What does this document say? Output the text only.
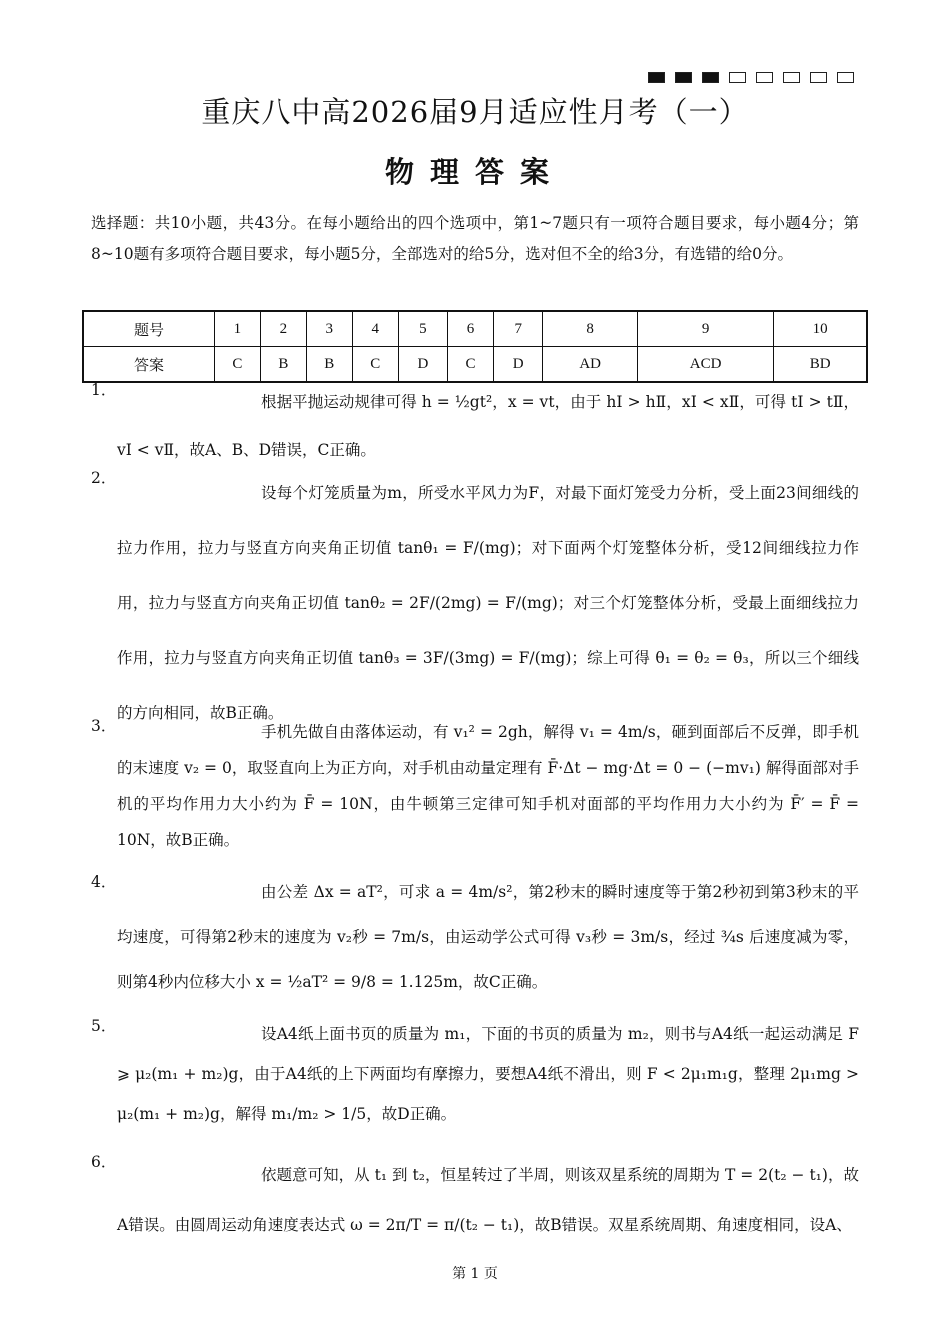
重庆八中高2026届9月适应性月考（一）
物理答案
选择题：共10小题，共43分。在每小题给出的四个选项中，第1~7题只有一项符合题目要求，每小题4分；第8~10题有多项符合题目要求，每小题5分，全部选对的给5分，选对但不全的给3分，有选错的给0分。
题号	1	2	3	4	5	6	7	8	9	10
答案	C	B	B	C	D	C	D	AD	ACD	BD
1．
根据平抛运动规律可得 h = ½gt²，x = vt，由于 hⅠ > hⅡ，xⅠ < xⅡ，可得 tⅠ > tⅡ，vⅠ < vⅡ，故A、B、D错误，C正确。
2．
设每个灯笼质量为m，所受水平风力为F，对最下面灯笼受力分析，受上面23间细线的拉力作用，拉力与竖直方向夹角正切值 tanθ₁ = F/(mg)；对下面两个灯笼整体分析，受12间细线拉力作用，拉力与竖直方向夹角正切值 tanθ₂ = 2F/(2mg) = F/(mg)；对三个灯笼整体分析，受最上面细线拉力作用，拉力与竖直方向夹角正切值 tanθ₃ = 3F/(3mg) = F/(mg)；综上可得 θ₁ = θ₂ = θ₃，所以三个细线的方向相同，故B正确。
3．	手机先做自由落体运动，有 v₁² = 2gh，解得 v₁ = 4m/s，砸到面部后不反弹，即手机的末速度 v₂ = 0，取竖直向上为正方向，对手机由动量定理有 F̄·Δt − mg·Δt = 0 − (−mv₁) 解得面部对手机的平均作用力大小约为 F̄ = 10N，由牛顿第三定律可知手机对面部的平均作用力大小约为 F̄′ = F̄ = 10N，故B正确。
4．
由公差 Δx = aT²，可求 a = 4m/s²，第2秒末的瞬时速度等于第2秒初到第3秒末的平均速度，可得第2秒末的速度为 v₂秒 = 7m/s，由运动学公式可得 v₃秒 = 3m/s，经过 ¾s 后速度减为零，则第4秒内位移大小 x = ½aT² = 9/8 = 1.125m，故C正确。
5．	设A4纸上面书页的质量为 m₁，下面的书页的质量为 m₂，则书与A4纸一起运动满足 F ⩾ μ₂(m₁ + m₂)g，由于A4纸的上下两面均有摩擦力，要想A4纸不滑出，则 F < 2μ₁m₁g，整理 2μ₁mg > μ₂(m₁ + m₂)g，解得 m₁/m₂ > 1/5，故D正确。
6．
依题意可知，从 t₁ 到 t₂，恒星转过了半周，则该双星系统的周期为 T = 2(t₂ − t₁)，故A错误。由圆周运动角速度表达式 ω = 2π/T = π/(t₂ − t₁)，故B错误。双星系统周期、角速度相同，设A、
第 1 页
